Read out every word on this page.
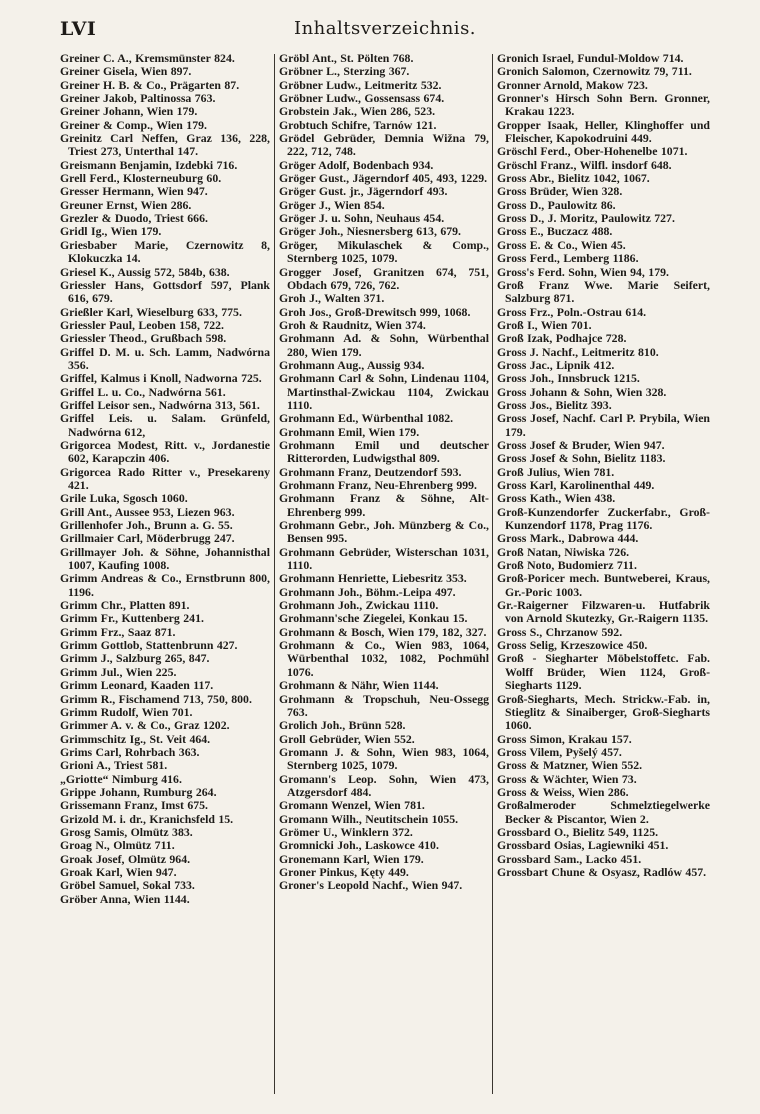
LVI	Inhaltsverzeichnis.

Greiner C. A., Kremsmünster 824.

Greiner Gisela, Wien 897.

Greiner H. B. & Co., Prägarten 87.

Greiner Jakob, Paltinossa 763.

Greiner Johann, Wien 179.

Greiner & Comp., Wien 179.

Greinitz Carl Neffen, Graz 136, 228, Triest 273, Unterthal 147.

Greismann Benjamin, Izdebki 716.

Grell Ferd., Klosterneuburg 60.

Gresser Hermann, Wien 947.

Greuner Ernst, Wien 286.

Grezler & Duodo, Triest 666.

Gridl Ig., Wien 179.

Griesbaber Marie, Czernowitz 8, Klokuczka 14.

Griesel K., Aussig 572, 584b, 638.

Griessler Hans, Gottsdorf 597, Plank 616, 679.

Grießler Karl, Wieselburg 633, 775.

Griessler Paul, Leoben 158, 722.

Griessler Theod., Grußbach 598.

Griffel D. M. u. Sch. Lamm, Nadwórna 356.

Griffel, Kalmus i Knoll, Nadworna 725.

Griffel L. u. Co., Nadwórna 561.

Griffel Leisor sen., Nadwórna 313, 561.

Griffel Leis. u. Salam. Grünfeld, Nadwórna 612,

Grigorcea Modest, Ritt. v., Jordanestie 602, Karapczin 406.

Grigorcea Rado Ritter v., Presekareny 421.

Grile Luka, Sgosch 1060.

Grill Ant., Aussee 953, Liezen 963.

Grillenhofer Joh., Brunn a. G. 55.

Grillmaier Carl, Möderbrugg 247.

Grillmayer Joh. & Söhne, Johannisthal 1007, Kaufing 1008.

Grimm Andreas & Co., Ernstbrunn 800, 1196.

Grimm Chr., Platten 891.

Grimm Fr., Kuttenberg 241.

Grimm Frz., Saaz 871.

Grimm Gottlob, Stattenbrunn 427.

Grimm J., Salzburg 265, 847.

Grimm Jul., Wien 225.

Grimm Leonard, Kaaden 117.

Grimm R., Fischamend 713, 750, 800.

Grimm Rudolf, Wien 701.

Grimmer A. v. & Co., Graz 1202.

Grimmschitz Ig., St. Veit 464.

Grims Carl, Rohrbach 363.

Grioni A., Triest 581.

„Griotte“ Nimburg 416.

Grippe Johann, Rumburg 264.

Grissemann Franz, Imst 675.

Grizold M. i. dr., Kranichsfeld 15.

Grosg Samis, Olmütz 383.

Groag N., Olmütz 711.

Groak Josef, Olmütz 964.

Groak Karl, Wien 947.

Gröbel Samuel, Sokal 733.

Gröber Anna, Wien 1144.

Gröbl Ant., St. Pölten 768.

Gröbner L., Sterzing 367.

Gröbner Ludw., Leitmeritz 532.

Gröbner Ludw., Gossensass 674.

Grobstein Jak., Wien 286, 523.

Grobtuch Schifre, Tarnów 121.

Grödel Gebrüder, Demnia Wižna 79, 222, 712, 748.

Gröger Adolf, Bodenbach 934.

Gröger Gust., Jägerndorf 405, 493, 1229.

Gröger Gust. jr., Jägerndorf 493.

Gröger J., Wien 854.

Gröger J. u. Sohn, Neuhaus 454.

Gröger Joh., Niesnersberg 613, 679.

Gröger, Mikulaschek & Comp., Sternberg 1025, 1079.

Grogger Josef, Granitzen 674, 751, Obdach 679, 726, 762.

Groh J., Walten 371.

Groh Jos., Groß-Drewitsch 999, 1068.

Groh & Raudnitz, Wien 374.

Grohmann Ad. & Sohn, Würbenthal 280, Wien 179.

Grohmann Aug., Aussig 934.

Grohmann Carl & Sohn, Lindenau 1104, Martinsthal-Zwickau 1104, Zwickau 1110.

Grohmann Ed., Würbenthal 1082.

Grohmann Emil, Wien 179.

Grohmann Emil und deutscher Ritterorden, Ludwigsthal 809.

Grohmann Franz, Deutzendorf 593.

Grohmann Franz, Neu-Ehrenberg 999.

Grohmann Franz & Söhne, Alt-Ehrenberg 999.

Grohmann Gebr., Joh. Münzberg & Co., Bensen 995.

Grohmann Gebrüder, Wisterschan 1031, 1110.

Grohmann Henriette, Liebesritz 353.

Grohmann Joh., Böhm.-Leipa 497.

Grohmann Joh., Zwickau 1110.

Grohmann'sche Ziegelei, Konkau 15.

Grohmann & Bosch, Wien 179, 182, 327.

Grohmann & Co., Wien 983, 1064, Würbenthal 1032, 1082, Pochmühl 1076.

Grohmann & Nähr, Wien 1144.

Grohmann & Tropschuh, Neu-Ossegg 763.

Grolich Joh., Brünn 528.

Groll Gebrüder, Wien 552.

Gromann J. & Sohn, Wien 983, 1064, Sternberg 1025, 1079.

Gromann's Leop. Sohn, Wien 473, Atzgersdorf 484.

Gromann Wenzel, Wien 781.

Gromann Wilh., Neutitschein 1055.

Grömer U., Winklern 372.

Gromnicki Joh., Laskowce 410.

Gronemann Karl, Wien 179.

Groner Pinkus, Kęty 449.

Groner's Leopold Nachf., Wien 947.

Gronich Israel, Fundul-Moldow 714.

Gronich Salomon, Czernowitz 79, 711.

Gronner Arnold, Makow 723.

Gronner's Hirsch Sohn Bern. Gronner, Krakau 1223.

Gropper Isaak, Heller, Klinghoffer und Fleischer, Kapokodruini 449.

Gröschl Ferd., Ober-Hohenelbe 1071.

Gröschl Franz., Wilfl. insdorf 648.

Gross Abr., Bielitz 1042, 1067.

Gross Brüder, Wien 328.

Gross D., Paulowitz 86.

Gross D., J. Moritz, Paulowitz 727.

Gross E., Buczacz 488.

Gross E. & Co., Wien 45.

Gross Ferd., Lemberg 1186.

Gross's Ferd. Sohn, Wien 94, 179.

Groß Franz Wwe. Marie Seifert, Salzburg 871.

Gross Frz., Poln.-Ostrau 614.

Groß I., Wien 701.

Groß Izak, Podhajce 728.

Gross J. Nachf., Leitmeritz 810.

Gross Jac., Lipnik 412.

Gross Joh., Innsbruck 1215.

Gross Johann & Sohn, Wien 328.

Gross Jos., Bielitz 393.

Gross Josef, Nachf. Carl P. Prybila, Wien 179.

Gross Josef & Bruder, Wien 947.

Gross Josef & Sohn, Bielitz 1183.

Groß Julius, Wien 781.

Gross Karl, Karolinenthal 449.

Gross Kath., Wien 438.

Groß-Kunzendorfer Zuckerfabr., Groß-Kunzendorf 1178, Prag 1176.

Gross Mark., Dabrowa 444.

Groß Natan, Niwiska 726.

Groß Noto, Budomierz 711.

Groß-Poricer mech. Buntweberei, Kraus, Gr.-Poric 1003.

Gr.-Raigerner Filzwaren-u. Hutfabrik von Arnold Skutezky, Gr.-Raigern 1135.

Gross S., Chrzanow 592.

Gross Selig, Krzeszowice 450.

Groß - Siegharter Möbelstoffetc. Fab. Wolff Brüder, Wien 1124, Groß-Siegharts 1129.

Groß-Siegharts, Mech. Strickw.-Fab. in, Stieglitz & Sinaiberger, Groß-Siegharts 1060.

Gross Simon, Krakau 157.

Gross Vilem, Pyšelý 457.

Gross & Matzner, Wien 552.

Gross & Wächter, Wien 73.

Gross & Weiss, Wien 286.

Großalmeroder Schmelztiegelwerke Becker & Piscantor, Wien 2.

Grossbard O., Bielitz 549, 1125.

Grossbard Osias, Lagiewniki 451.

Grossbard Sam., Lacko 451.

Grossbart Chune & Osyasz, Radlów 457.
